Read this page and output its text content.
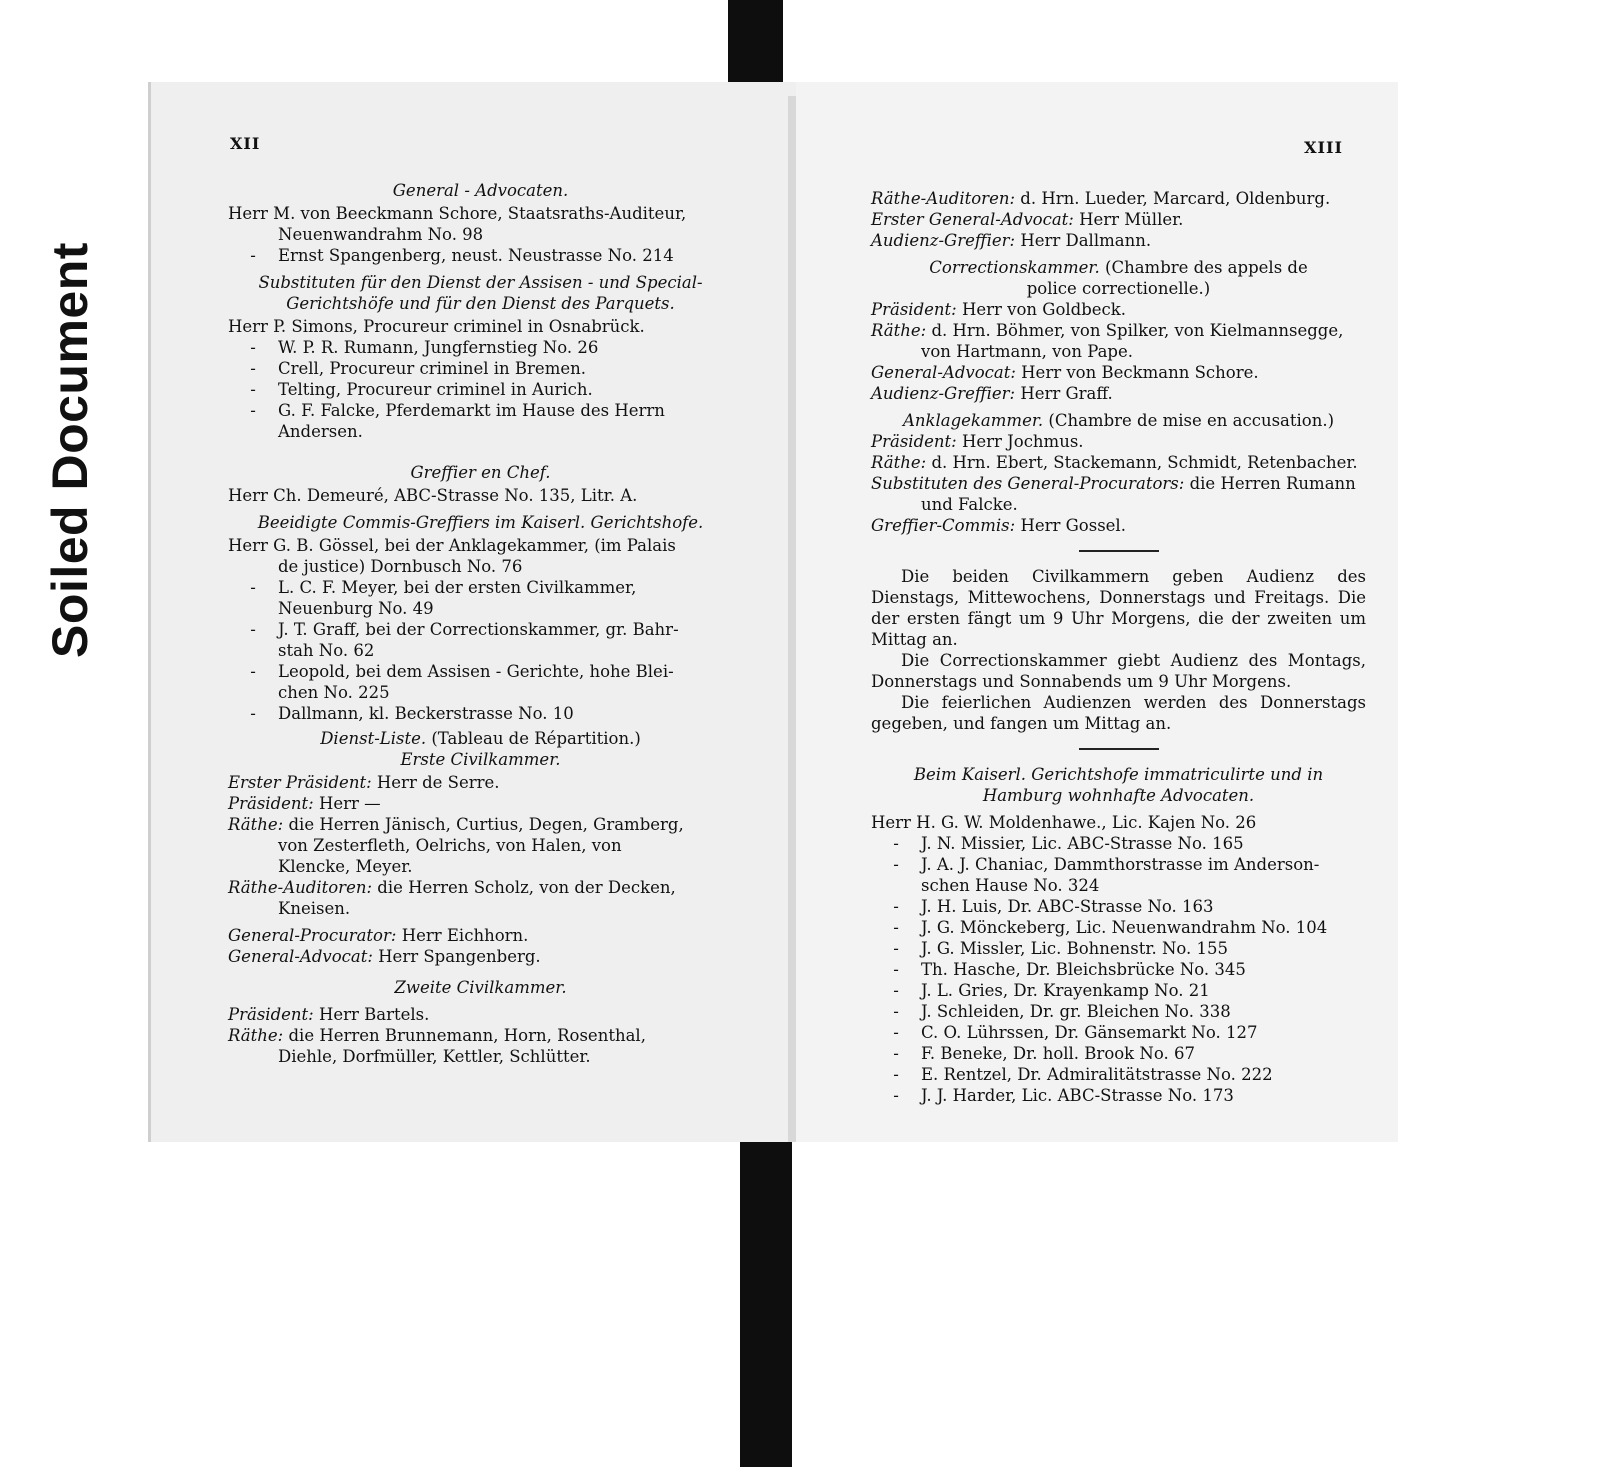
Soiled Document
XII
General - Advocaten.

Herr M. von Beeckmann Schore, Staatsraths-Auditeur,

Neuenwandrahm No. 98

- Ernst Spangenberg, neust. Neustrasse No. 214

Substituten für den Dienst der Assisen - und Special-
Gerichtshöfe und für den Dienst des Parquets.

Herr P. Simons, Procureur criminel in Osnabrück.

- W. P. R. Rumann, Jungfernstieg No. 26

- Crell, Procureur criminel in Bremen.

- Telting, Procureur criminel in Aurich.

- G. F. Falcke, Pferdemarkt im Hause des Herrn

Andersen.

Greffier en Chef.

Herr Ch. Demeuré, ABC-Strasse No. 135, Litr. A.

Beeidigte Commis-Greffiers im Kaiserl. Gerichtshofe.

Herr G. B. Gössel, bei der Anklagekammer, (im Palais

de justice) Dornbusch No. 76

- L. C. F. Meyer, bei der ersten Civilkammer,

Neuenburg No. 49

- J. T. Graff, bei der Correctionskammer, gr. Bahr-

stah No. 62

- Leopold, bei dem Assisen - Gerichte, hohe Blei-

chen No. 225

- Dallmann, kl. Beckerstrasse No. 10

Dienst-Liste. (Tableau de Répartition.)
Erste Civilkammer.

Erster Präsident: Herr de Serre.

Präsident: Herr —

Räthe: die Herren Jänisch, Curtius, Degen, Gramberg,

von Zesterfleth, Oelrichs, von Halen, von

Klencke, Meyer.

Räthe-Auditoren: die Herren Scholz, von der Decken,

Kneisen.

General-Procurator: Herr Eichhorn.

General-Advocat: Herr Spangenberg.

Zweite Civilkammer.

Präsident: Herr Bartels.

Räthe: die Herren Brunnemann, Horn, Rosenthal,

Diehle, Dorfmüller, Kettler, Schlütter.

XIII

Räthe-Auditoren: d. Hrn. Lueder, Marcard, Oldenburg.

Erster General-Advocat: Herr Müller.

Audienz-Greffier: Herr Dallmann.

Correctionskammer. (Chambre des appels de
police correctionelle.)

Präsident: Herr von Goldbeck.

Räthe: d. Hrn. Böhmer, von Spilker, von Kielmannsegge,

von Hartmann, von Pape.

General-Advocat: Herr von Beckmann Schore.

Audienz-Greffier: Herr Graff.

Anklagekammer. (Chambre de mise en accusation.)

Präsident: Herr Jochmus.

Räthe: d. Hrn. Ebert, Stackemann, Schmidt, Retenbacher.

Substituten des General-Procurators: die Herren Rumann

und Falcke.

Greffier-Commis: Herr Gossel.

Die beiden Civilkammern geben Audienz des Dienstags, Mittewochens, Donnerstags und Freitags. Die der ersten fängt um 9 Uhr Morgens, die der zweiten um Mittag an.

Die Correctionskammer giebt Audienz des Montags, Donnerstags und Sonnabends um 9 Uhr Morgens.

Die feierlichen Audienzen werden des Donnerstags gegeben, und fangen um Mittag an.

Beim Kaiserl. Gerichtshofe immatriculirte und in
Hamburg wohnhafte Advocaten.

Herr H. G. W. Moldenhawe., Lic. Kajen No. 26

- J. N. Missier, Lic. ABC-Strasse No. 165

- J. A. J. Chaniac, Dammthorstrasse im Anderson-

schen Hause No. 324

- J. H. Luis, Dr. ABC-Strasse No. 163

- J. G. Mönckeberg, Lic. Neuenwandrahm No. 104

- J. G. Missler, Lic. Bohnenstr. No. 155

- Th. Hasche, Dr. Bleichsbrücke No. 345

- J. L. Gries, Dr. Krayenkamp No. 21

- J. Schleiden, Dr. gr. Bleichen No. 338

- C. O. Lührssen, Dr. Gänsemarkt No. 127

- F. Beneke, Dr. holl. Brook No. 67

- E. Rentzel, Dr. Admiralitätstrasse No. 222

- J. J. Harder, Lic. ABC-Strasse No. 173
